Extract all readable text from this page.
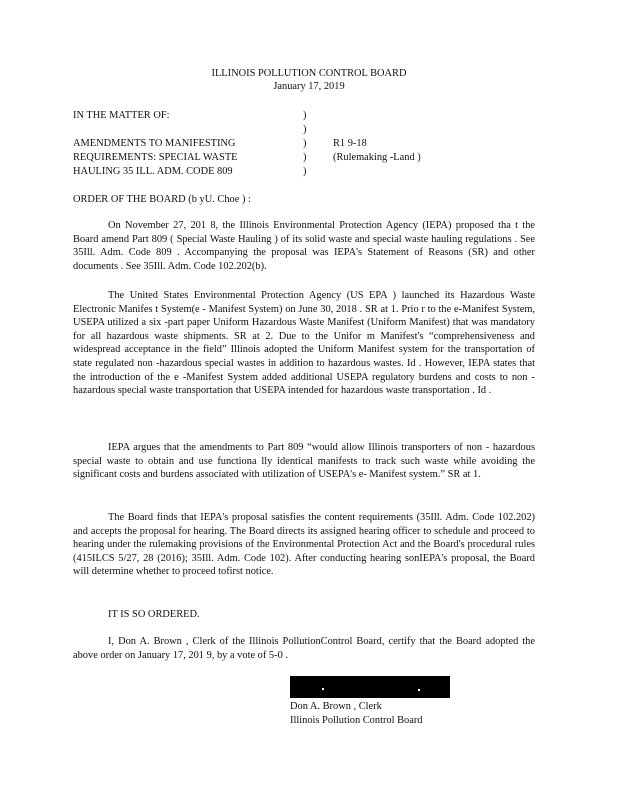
ILLINOIS POLLUTION CONTROL BOARD
January 17, 2019
IN THE MATTER OF:
AMENDMENTS TO MANIFESTING
REQUIREMENTS: SPECIAL WASTE
HAULING 35 ILL. ADM. CODE 809
)
)
)
)
)
R1 9-18
(Rulemaking -Land )
ORDER OF THE BOARD (b yU. Choe ) :
On November 27, 201 8, the Illinois Environmental Protection Agency (IEPA) proposed tha t the Board amend Part 809 ( Special Waste Hauling ) of its solid waste and special waste hauling regulations . See 35Ill. Adm. Code 809 . Accompanying the proposal was IEPA's Statement of Reasons (SR) and other documents . See 35Ill. Adm. Code 102.202(b).
The United States Environmental Protection Agency (US EPA ) launched its Hazardous Waste Electronic Manifes t System(e - Manifest System) on June 30, 2018 . SR at 1. Prio r to the e-Manifest System, USEPA utilized a six -part paper Uniform Hazardous Waste Manifest (Uniform Manifest) that was mandatory for all hazardous waste shipments. SR at 2. Due to the Unifor m Manifest's “comprehensiveness and widespread acceptance in the field” Illinois adopted the Uniform Manifest system for the transportation of state regulated non -hazardous special wastes in addition to hazardous wastes. Id . However, IEPA states that the introduction of the e -Manifest System added additional USEPA regulatory burdens and costs to non - hazardous special waste transportation that USEPA intended for hazardous waste transportation . Id .
IEPA argues that the amendments to Part 809 “would allow Illinois transporters of non - hazardous special waste to obtain and use functiona lly identical manifests to track such waste while avoiding the significant costs and burdens associated with utilization of USEPA's e- Manifest system.” SR at 1.
The Board finds that IEPA's proposal satisfies the content requirements (35Ill. Adm. Code 102.202) and accepts the proposal for hearing. The Board directs its assigned hearing officer to schedule and proceed to hearing under the rulemaking provisions of the Environmental Protection Act and the Board's procedural rules (415ILCS 5/27, 28 (2016); 35Ill. Adm. Code 102). After conducting hearing sonIEPA's proposal, the Board will determine whether to proceed tofirst notice.
IT IS SO ORDERED.
I, Don A. Brown , Clerk of the Illinois PollutionControl Board, certify that the Board adopted the above order on January 17, 201 9, by a vote of 5-0 .
Don A. Brown , Clerk
Illinois Pollution Control Board
